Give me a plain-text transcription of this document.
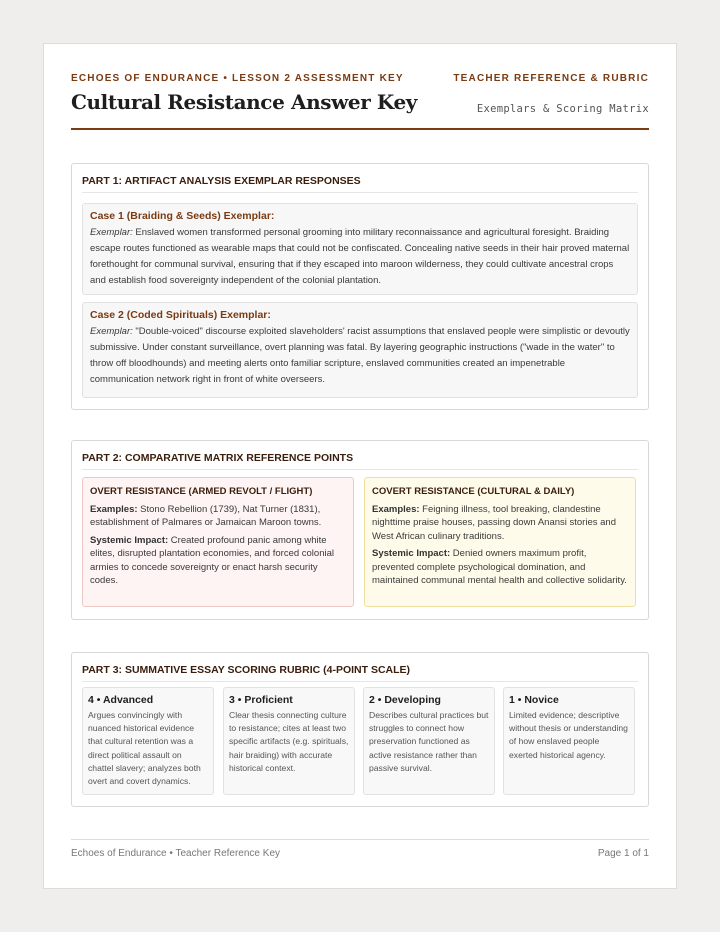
ECHOES OF ENDURANCE • LESSON 2 ASSESSMENT KEY	TEACHER REFERENCE & RUBRIC
Cultural Resistance Answer Key	Exemplars & Scoring Matrix
PART 1: ARTIFACT ANALYSIS EXEMPLAR RESPONSES
Case 1 (Braiding & Seeds) Exemplar:
Exemplar: Enslaved women transformed personal grooming into military reconnaissance and agricultural foresight. Braiding escape routes functioned as wearable maps that could not be confiscated. Concealing native seeds in their hair proved maternal forethought for communal survival, ensuring that if they escaped into maroon wilderness, they could cultivate ancestral crops and establish food sovereignty independent of the colonial plantation.
Case 2 (Coded Spirituals) Exemplar:
Exemplar: "Double-voiced" discourse exploited slaveholders' racist assumptions that enslaved people were simplistic or devoutly submissive. Under constant surveillance, overt planning was fatal. By layering geographic instructions ("wade in the water" to throw off bloodhounds) and meeting alerts onto familiar scripture, enslaved communities created an impenetrable communication network right in front of white overseers.
PART 2: COMPARATIVE MATRIX REFERENCE POINTS
OVERT RESISTANCE (ARMED REVOLT / FLIGHT)
Examples: Stono Rebellion (1739), Nat Turner (1831), establishment of Palmares or Jamaican Maroon towns.
Systemic Impact: Created profound panic among white elites, disrupted plantation economies, and forced colonial armies to concede sovereignty or enact harsh security codes.
COVERT RESISTANCE (CULTURAL & DAILY)
Examples: Feigning illness, tool breaking, clandestine nighttime praise houses, passing down Anansi stories and West African culinary traditions.
Systemic Impact: Denied owners maximum profit, prevented complete psychological domination, and maintained communal mental health and collective solidarity.
PART 3: SUMMATIVE ESSAY SCORING RUBRIC (4-POINT SCALE)
4 • Advanced
Argues convincingly with nuanced historical evidence that cultural retention was a direct political assault on chattel slavery; analyzes both overt and covert dynamics.
3 • Proficient
Clear thesis connecting culture to resistance; cites at least two specific artifacts (e.g. spirituals, hair braiding) with accurate historical context.
2 • Developing
Describes cultural practices but struggles to connect how preservation functioned as active resistance rather than passive survival.
1 • Novice
Limited evidence; descriptive without thesis or understanding of how enslaved people exerted historical agency.
Echoes of Endurance • Teacher Reference Key	Page 1 of 1
